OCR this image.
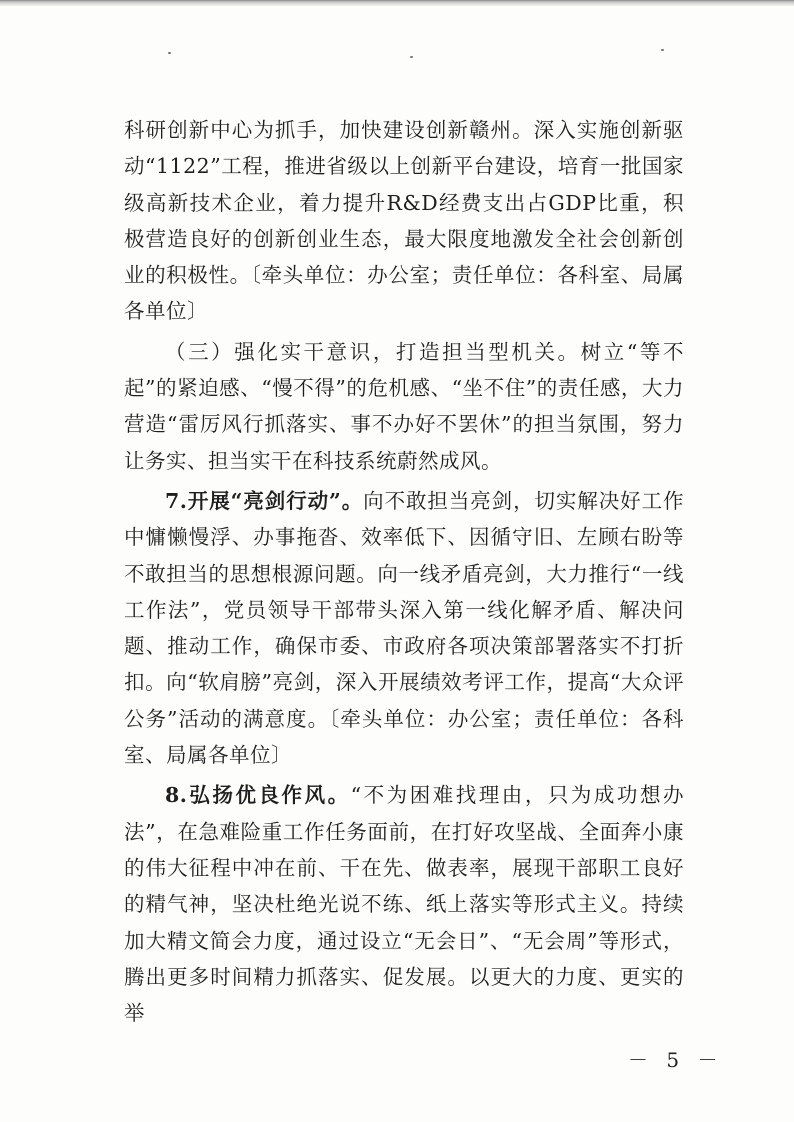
科研创新中心为抓手，加快建设创新赣州。深入实施创新驱动“1122”工程，推进省级以上创新平台建设，培育一批国家级高新技术企业，着力提升R&D经费支出占GDP比重，积极营造良好的创新创业生态，最大限度地激发全社会创新创业的积极性。〔牵头单位：办公室；责任单位：各科室、局属各单位〕

（三）强化实干意识，打造担当型机关。树立“等不起”的紧迫感、“慢不得”的危机感、“坐不住”的责任感，大力营造“雷厉风行抓落实、事不办好不罢休”的担当氛围，努力让务实、担当实干在科技系统蔚然成风。

7.开展“亮剑行动”。向不敢担当亮剑，切实解决好工作中慵懒慢浮、办事拖沓、效率低下、因循守旧、左顾右盼等不敢担当的思想根源问题。向一线矛盾亮剑，大力推行“一线工作法”，党员领导干部带头深入第一线化解矛盾、解决问题、推动工作，确保市委、市政府各项决策部署落实不打折扣。向“软肩膀”亮剑，深入开展绩效考评工作，提高“大众评公务”活动的满意度。〔牵头单位：办公室；责任单位：各科室、局属各单位〕

8.弘扬优良作风。“不为困难找理由，只为成功想办法”，在急难险重工作任务面前，在打好攻坚战、全面奔小康的伟大征程中冲在前、干在先、做表率，展现干部职工良好的精气神，坚决杜绝光说不练、纸上落实等形式主义。持续加大精文简会力度，通过设立“无会日”、“无会周”等形式，腾出更多时间精力抓落实、促发展。以更大的力度、更实的举

－ 5 －
